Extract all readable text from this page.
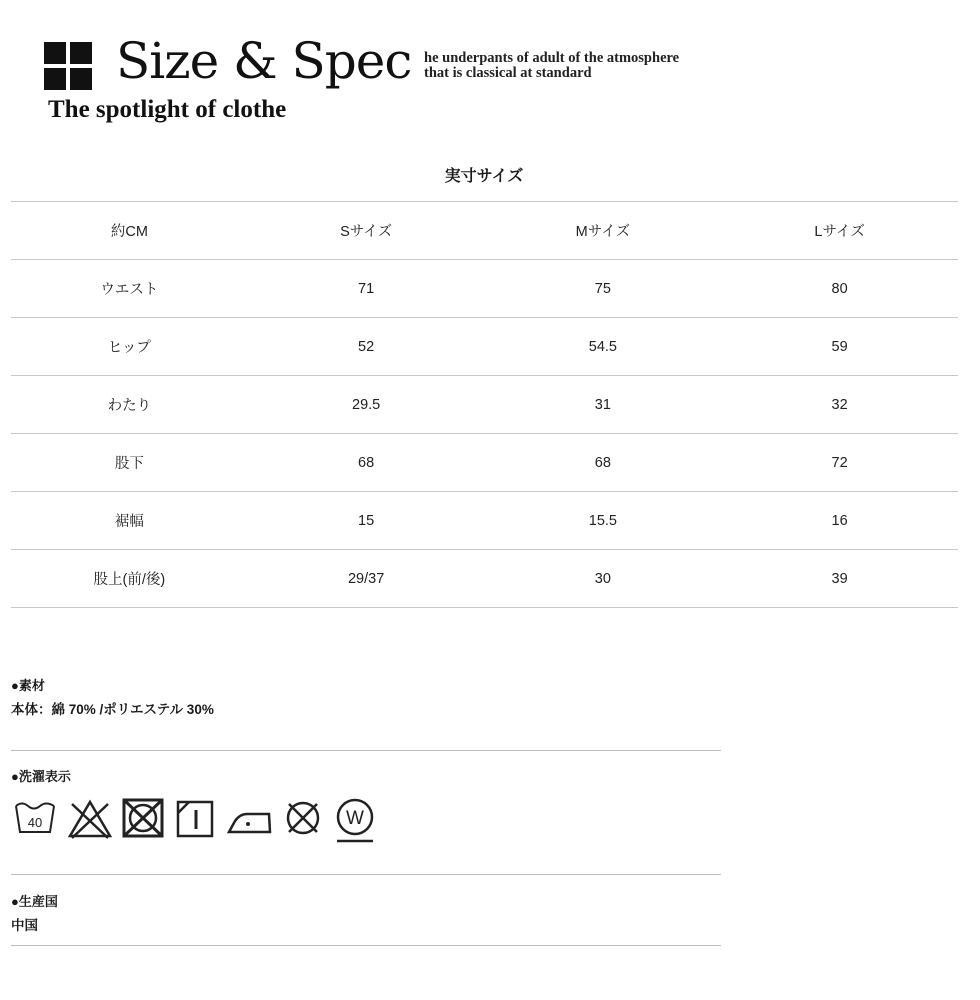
Size & Spec
The spotlight of clothe

he underpants of adult of the atmosphere
that is classical at standard

実寸サイズ
約CM	Sサイズ	Mサイズ	Lサイズ
ウエスト	71	75	80
ヒップ	52	54.5	59
わたり	29.5	31	32
股下	68	68	72
裾幅	15	15.5	16
股上(前/後)	29/37	30	39
●素材

本体：綿 70% /ポリエステル 30%

●洗濯表示
40	W
●生産国

中国
